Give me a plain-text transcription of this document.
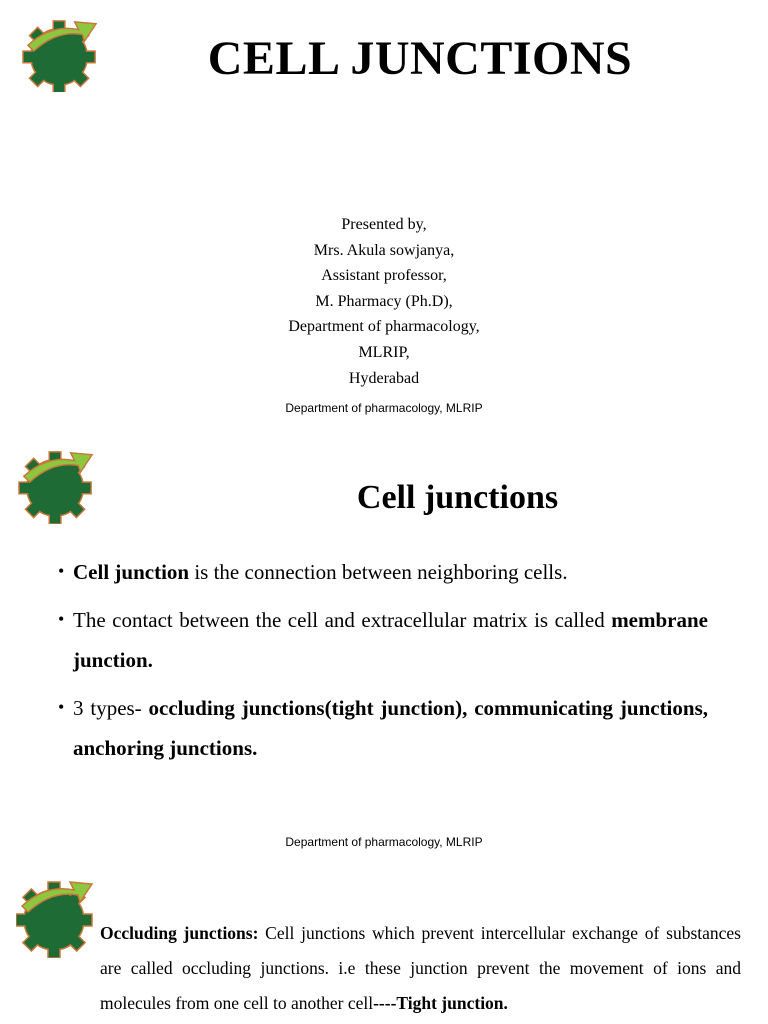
CELL JUNCTIONS
Presented by,
Mrs. Akula sowjanya,
Assistant professor,
M. Pharmacy (Ph.D),
Department of pharmacology,
MLRIP,
Hyderabad
Department of pharmacology, MLRIP
Cell junctions
• Cell junction is the connection between neighboring cells.
• The contact between the cell and extracellular matrix is called membrane junction.
• 3 types- occluding junctions(tight junction), communicating junctions, anchoring junctions.
Department of pharmacology, MLRIP
Occluding junctions: Cell junctions which prevent intercellular exchange of substances are called occluding junctions. i.e these junction prevent the movement of ions and molecules from one cell to another cell----Tight junction.
